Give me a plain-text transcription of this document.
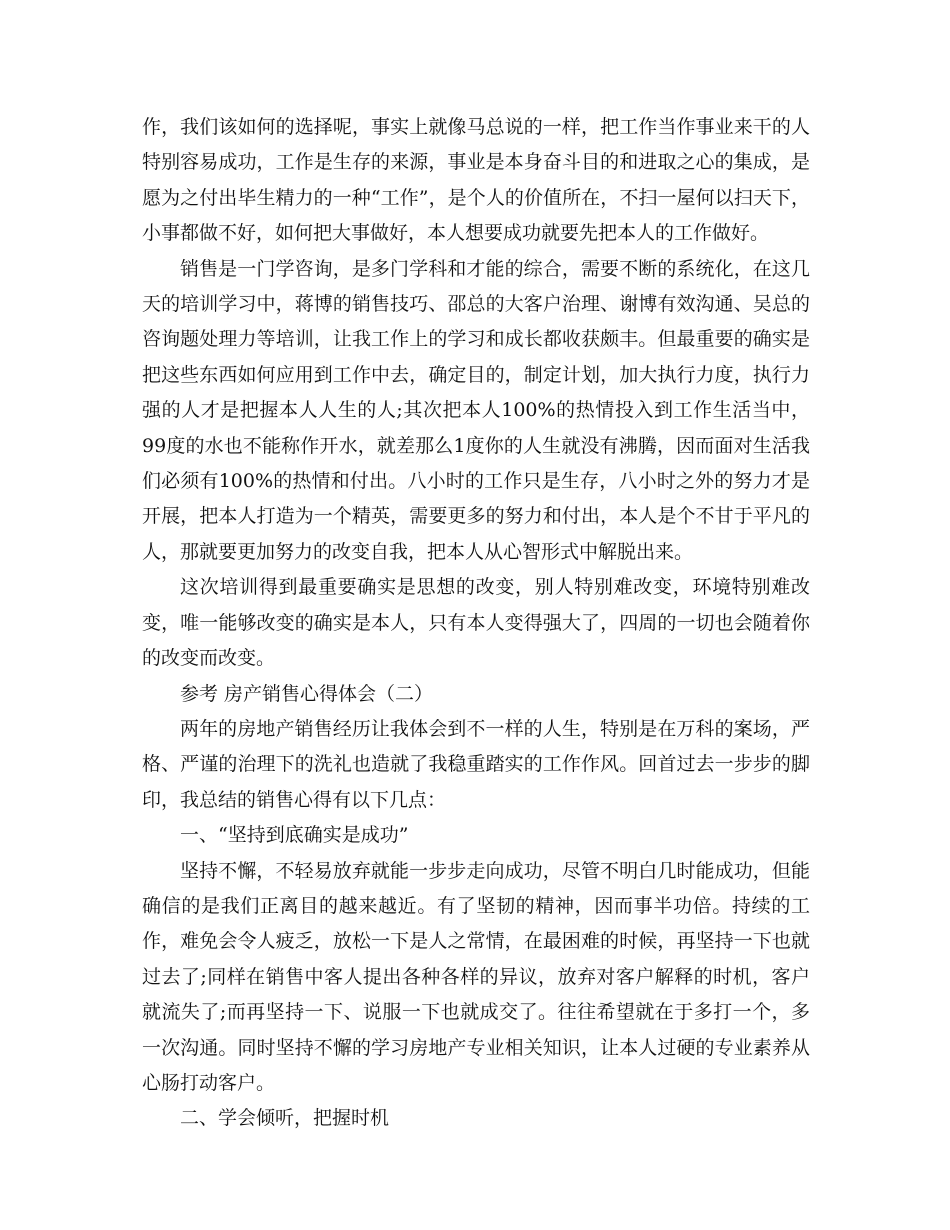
作，我们该如何的选择呢，事实上就像马总说的一样，把工作当作事业来干的人特别容易成功，工作是生存的来源，事业是本身奋斗目的和进取之心的集成，是愿为之付出毕生精力的一种“工作”，是个人的价值所在，不扫一屋何以扫天下，小事都做不好，如何把大事做好，本人想要成功就要先把本人的工作做好。

销售是一门学咨询，是多门学科和才能的综合，需要不断的系统化，在这几天的培训学习中，蒋博的销售技巧、邵总的大客户治理、谢博有效沟通、吴总的咨询题处理力等培训，让我工作上的学习和成长都收获颇丰。但最重要的确实是把这些东西如何应用到工作中去，确定目的，制定计划，加大执行力度，执行力强的人才是把握本人人生的人;其次把本人100%的热情投入到工作生活当中，99度的水也不能称作开水，就差那么1度你的人生就没有沸腾，因而面对生活我们必须有100%的热情和付出。八小时的工作只是生存，八小时之外的努力才是开展，把本人打造为一个精英，需要更多的努力和付出，本人是个不甘于平凡的人，那就要更加努力的改变自我，把本人从心智形式中解脱出来。

这次培训得到最重要确实是思想的改变，别人特别难改变，环境特别难改变，唯一能够改变的确实是本人，只有本人变得强大了，四周的一切也会随着你的改变而改变。

参考 房产销售心得体会（二）

两年的房地产销售经历让我体会到不一样的人生，特别是在万科的案场，严格、严谨的治理下的洗礼也造就了我稳重踏实的工作作风。回首过去一步步的脚印，我总结的销售心得有以下几点：

一、“坚持到底确实是成功”

坚持不懈，不轻易放弃就能一步步走向成功，尽管不明白几时能成功，但能确信的是我们正离目的越来越近。有了坚韧的精神，因而事半功倍。持续的工作，难免会令人疲乏，放松一下是人之常情，在最困难的时候，再坚持一下也就过去了;同样在销售中客人提出各种各样的异议，放弃对客户解释的时机，客户就流失了;而再坚持一下、说服一下也就成交了。往往希望就在于多打一个，多一次沟通。同时坚持不懈的学习房地产专业相关知识，让本人过硬的专业素养从心肠打动客户。

二、学会倾听，把握时机
